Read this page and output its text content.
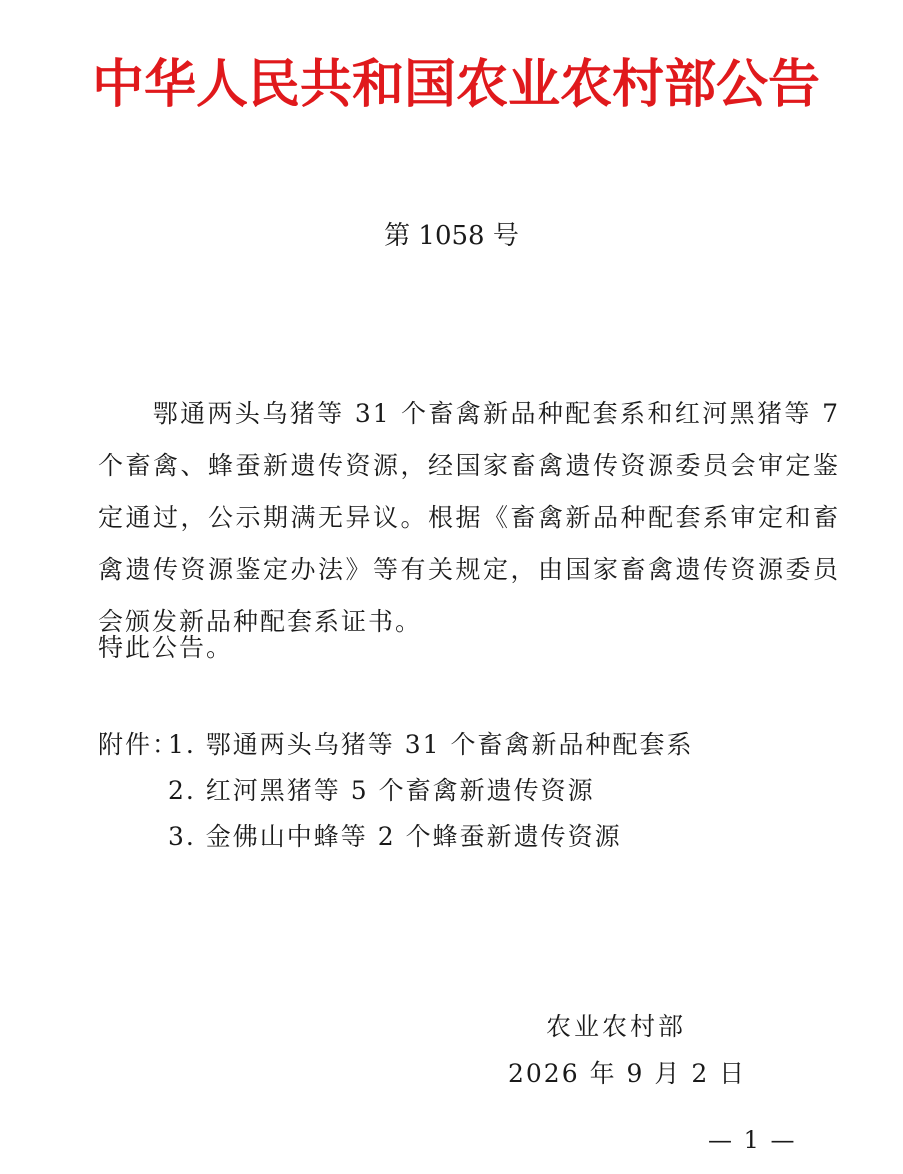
中华人民共和国农业农村部公告
第 1058 号

　　鄂通两头乌猪等 31 个畜禽新品种配套系和红河黑猪等 7 个畜禽、蜂蚕新遗传资源，经国家畜禽遗传资源委员会审定鉴定通过，公示期满无异议。根据《畜禽新品种配套系审定和畜禽遗传资源鉴定办法》等有关规定，由国家畜禽遗传资源委员会颁发新品种配套系证书。

特此公告。
附件：
1. 鄂通两头乌猪等 31 个畜禽新品种配套系
2. 红河黑猪等 5 个畜禽新遗传资源
3. 金佛山中蜂等 2 个蜂蚕新遗传资源
农业农村部
2026 年 9 月 2 日
— 1 —
